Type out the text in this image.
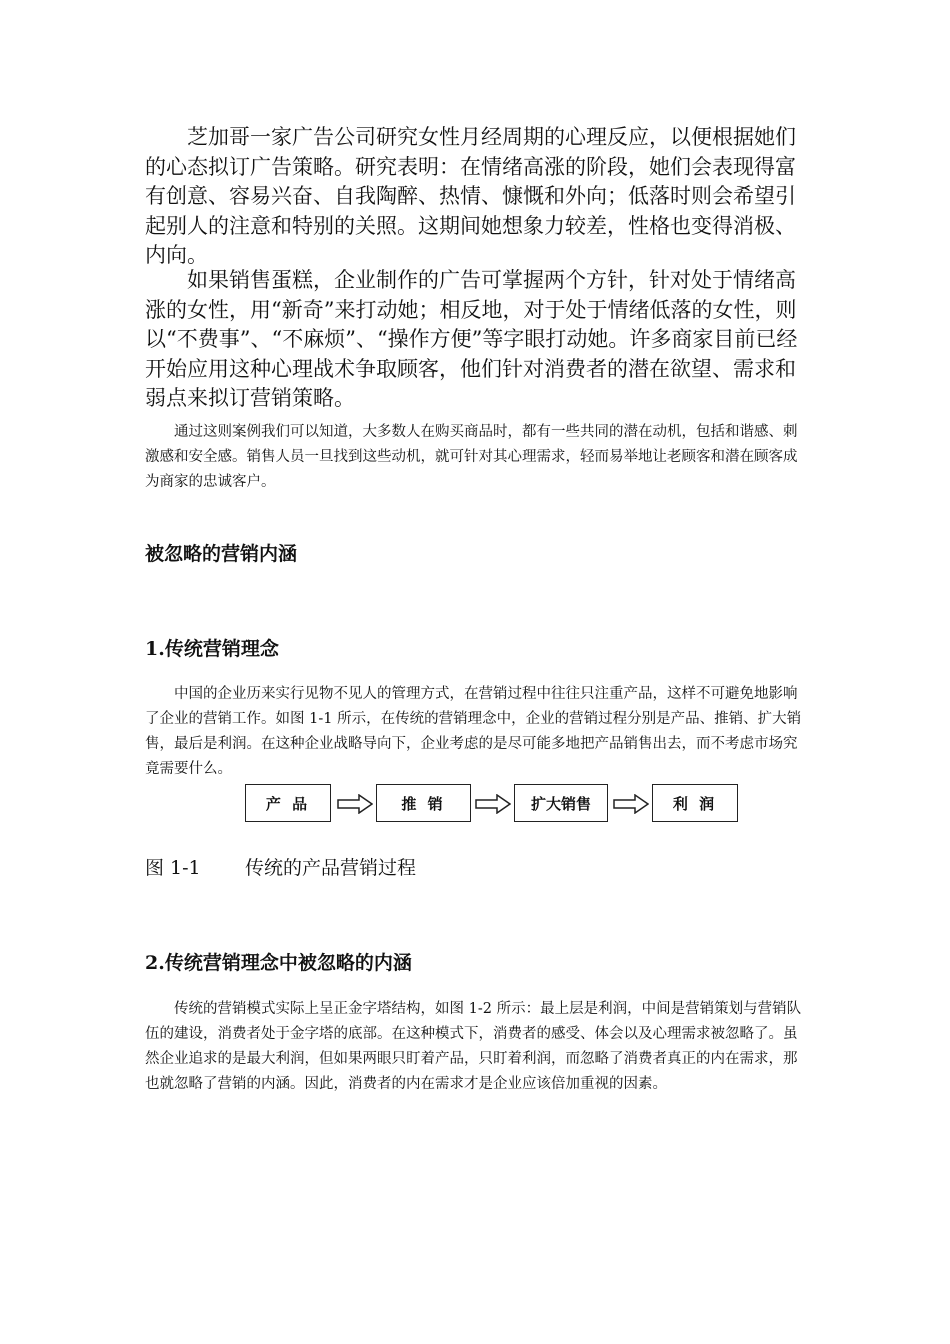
芝加哥一家广告公司研究女性月经周期的心理反应，以便根据她们的心态拟订广告策略。研究表明：在情绪高涨的阶段，她们会表现得富有创意、容易兴奋、自我陶醉、热情、慷慨和外向；低落时则会希望引起别人的注意和特别的关照。这期间她想象力较差，性格也变得消极、内向。

如果销售蛋糕，企业制作的广告可掌握两个方针，针对处于情绪高涨的女性，用“新奇”来打动她；相反地，对于处于情绪低落的女性，则以“不费事”、“不麻烦”、“操作方便”等字眼打动她。许多商家目前已经开始应用这种心理战术争取顾客，他们针对消费者的潜在欲望、需求和弱点来拟订营销策略。

通过这则案例我们可以知道，大多数人在购买商品时，都有一些共同的潜在动机，包括和谐感、刺激感和安全感。销售人员一旦找到这些动机，就可针对其心理需求，轻而易举地让老顾客和潜在顾客成为商家的忠诚客户。

被忽略的营销内涵
1.传统营销理念

中国的企业历来实行见物不见人的管理方式，在营销过程中往往只注重产品，这样不可避免地影响了企业的营销工作。如图 1-1 所示，在传统的营销理念中，企业的营销过程分别是产品、推销、扩大销售，最后是利润。在这种企业战略导向下，企业考虑的是尽可能多地把产品销售出去，而不考虑市场究竟需要什么。

产 品	推 销	扩大销售	利 润
图 1-1 传统的产品营销过程
2.传统营销理念中被忽略的内涵

传统的营销模式实际上呈正金字塔结构，如图 1-2 所示：最上层是利润，中间是营销策划与营销队伍的建设，消费者处于金字塔的底部。在这种模式下，消费者的感受、体会以及心理需求被忽略了。虽然企业追求的是最大利润，但如果两眼只盯着产品，只盯着利润，而忽略了消费者真正的内在需求，那也就忽略了营销的内涵。因此，消费者的内在需求才是企业应该倍加重视的因素。
